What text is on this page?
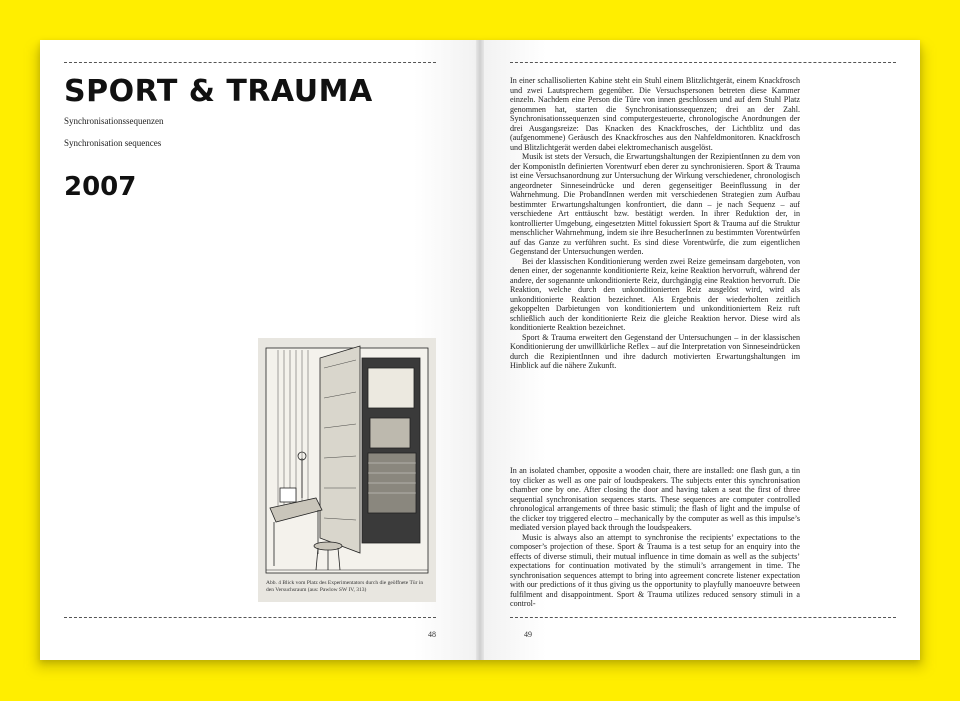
SPORT & TRAUMA
Synchronisationssequenzen
Synchronisation sequences
2007
Abb. 4 Blick vom Platz des Experimentators durch die geöffnete Tür in den Versuchsraum (aus: Pawlow SW IV, 313)
48

In einer schallisolierten Kabine steht ein Stuhl einem Blitzlichtgerät, einem Knackfrosch und zwei Lautsprechern gegenüber. Die Versuchspersonen betreten diese Kammer einzeln. Nachdem eine Person die Türe von innen geschlossen und auf dem Stuhl Platz genommen hat, starten die Synchronisationssequenzen; drei an der Zahl. Synchronisationssequenzen sind computergesteuerte, chronologische Anordnungen der drei Ausgangsreize: Das Knacken des Knackfrosches, der Lichtblitz und das (aufgenommene) Geräusch des Knackfrosches aus den Nahfeldmonitoren. Knackfrosch und Blitzlichtgerät werden dabei elektromechanisch ausgelöst.

Musik ist stets der Versuch, die Erwartungshaltungen der RezipientInnen zu dem von der KomponistIn definierten Vorentwurf eben derer zu synchronisieren. Sport & Trauma ist eine Versuchsanordnung zur Untersuchung der Wirkung verschiedener, chronologisch angeordneter Sinneseindrücke und deren gegenseitiger Beeinflussung in der Wahrnehmung. Die ProbandInnen werden mit verschiedenen Strategien zum Aufbau bestimmter Erwartungshaltungen konfrontiert, die dann – je nach Sequenz – auf verschiedene Art enttäuscht bzw. bestätigt werden. In ihrer Reduktion der, in kontrollierter Umgebung, eingesetzten Mittel fokussiert Sport & Trauma auf die Struktur menschlicher Wahrnehmung, indem sie ihre BesucherInnen zu bestimmten Vorentwürfen auf das Ganze zu verführen sucht. Es sind diese Vorentwürfe, die zum eigentlichen Gegenstand der Untersuchungen werden.

Bei der klassischen Konditionierung werden zwei Reize gemeinsam dargeboten, von denen einer, der sogenannte konditionierte Reiz, keine Reaktion hervorruft, während der andere, der sogenannte unkonditionierte Reiz, durchgängig eine Reaktion hervorruft. Die Reaktion, welche durch den unkonditionierten Reiz ausgelöst wird, wird als unkonditionierte Reaktion bezeichnet. Als Ergebnis der wiederholten zeitlich gekoppelten Darbietungen von konditioniertem und unkonditioniertem Reiz ruft schließlich auch der konditionierte Reiz die gleiche Reaktion hervor. Diese wird als konditionierte Reaktion bezeichnet.

Sport & Trauma erweitert den Gegenstand der Untersuchungen – in der klassischen Konditionierung der unwillkürliche Reflex – auf die Interpretation von Sinneseindrücken durch die RezipientInnen und ihre dadurch motivierten Erwartungshaltungen im Hinblick auf die nähere Zukunft.

In an isolated chamber, opposite a wooden chair, there are installed: one flash gun, a tin toy clicker as well as one pair of loudspeakers. The subjects enter this synchronisation chamber one by one. After closing the door and having taken a seat the first of three sequential synchronisation sequences starts. These sequences are computer controlled chronological arrangements of three basic stimuli; the flash of light and the impulse of the clicker toy triggered electro – mechanically by the computer as well as this impulse’s mediated version played back through the loudspeakers.

Music is always also an attempt to synchronise the recipients’ expectations to the composer’s projection of these. Sport & Trauma is a test setup for an enquiry into the effects of diverse stimuli, their mutual influence in time domain as well as the subjects’ expectations for continuation motivated by the stimuli’s arrangement in time. The synchronisation sequences attempt to bring into agreement concrete listener expectation with our predictions of it thus giving us the opportunity to playfully manoeuvre between fulfilment and disappointment. Sport & Trauma utilizes reduced sensory stimuli in a control-

49
